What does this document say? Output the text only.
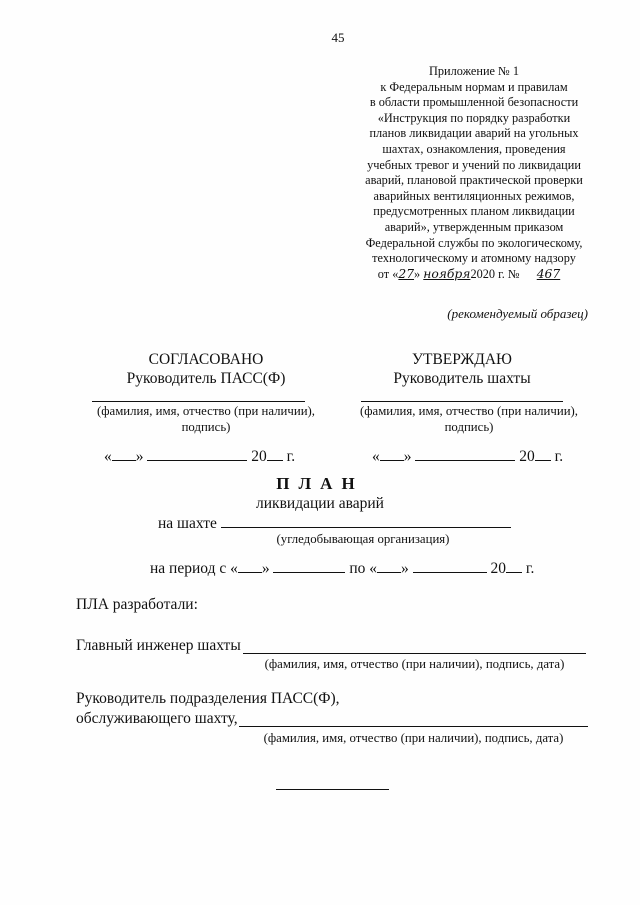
45
Приложение № 1
к Федеральным нормам и правилам
в области промышленной безопасности
«Инструкция по порядку разработки
планов ликвидации аварий на угольных
шахтах, ознакомления, проведения
учебных тревог и учений по ликвидации
аварий, плановой практической проверки
аварийных вентиляционных режимов,
предусмотренных планом ликвидации
аварий», утвержденным приказом
Федеральной службы по экологическому,
технологическому и атомному надзору
от «27» ноября2020 г. № 467
(рекомендуемый образец)
СОГЛАСОВАНО
Руководитель ПАСС(Ф)
(фамилия, имя, отчество (при наличии),
подпись)
« »	20 г.
УТВЕРЖДАЮ
Руководитель шахты
(фамилия, имя, отчество (при наличии),
подпись)
« »	20 г.
ПЛАН
ликвидации аварий
на шахте
(угледобывающая организация)
на период с « »	по « »	20 г.
ПЛА разработали:
Главный инженер шахты
(фамилия, имя, отчество (при наличии), подпись, дата)
Руководитель подразделения ПАСС(Ф),
обслуживающего шахту,
(фамилия, имя, отчество (при наличии), подпись, дата)
